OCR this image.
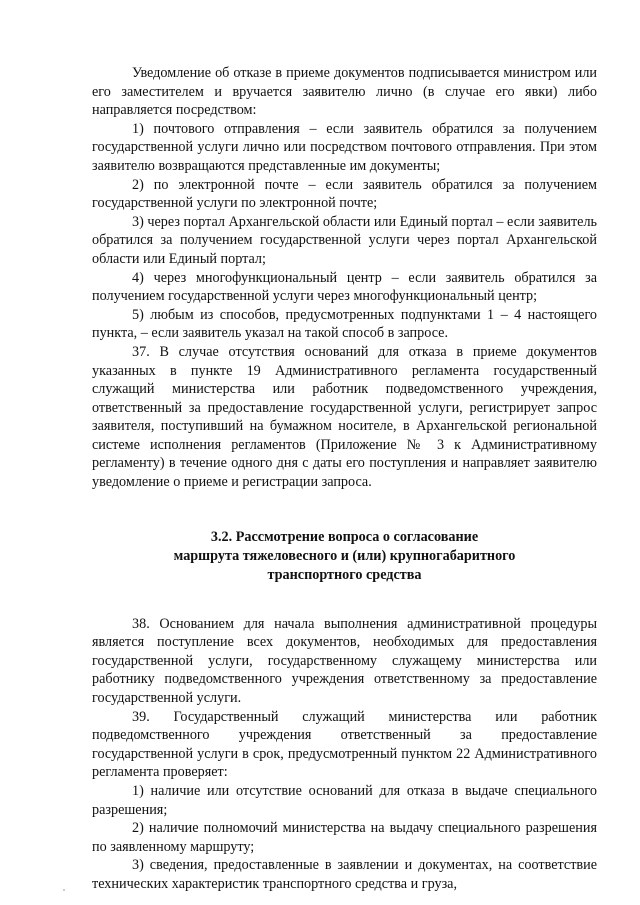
Уведомление об отказе в приеме документов подписывается министром или его заместителем и вручается заявителю лично (в случае его явки) либо направляется посредством:

1) почтового отправления – если заявитель обратился за получением государственной услуги лично или посредством почтового отправления. При этом заявителю возвращаются представленные им документы;

2) по электронной почте – если заявитель обратился за получением государственной услуги по электронной почте;

3) через портал Архангельской области или Единый портал – если заявитель обратился за получением государственной услуги через портал Архангельской области или Единый портал;

4) через многофункциональный центр – если заявитель обратился за получением государственной услуги через многофункциональный центр;

5) любым из способов, предусмотренных подпунктами 1 – 4 настоящего пункта, – если заявитель указал на такой способ в запросе.

37. В случае отсутствия оснований для отказа в приеме документов указанных в пункте 19 Административного регламента государственный служащий министерства или работник подведомственного учреждения, ответственный за предоставление государственной услуги, регистрирует запрос заявителя, поступивший на бумажном носителе, в Архангельской региональной системе исполнения регламентов (Приложение № 3 к Административному регламенту) в течение одного дня с даты его поступления и направляет заявителю уведомление о приеме и регистрации запроса.

3.2. Рассмотрение вопроса о согласование
маршрута тяжеловесного и (или) крупногабаритного
транспортного средства

38. Основанием для начала выполнения административной процедуры является поступление всех документов, необходимых для предоставления государственной услуги, государственному служащему министерства или работнику подведомственного учреждения ответственному за предоставление государственной услуги.

39. Государственный служащий министерства или работник подведомственного учреждения ответственный за предоставление государственной услуги в срок, предусмотренный пунктом 22 Административного регламента проверяет:

1) наличие или отсутствие оснований для отказа в выдаче специального разрешения;

2) наличие полномочий министерства на выдачу специального разрешения по заявленному маршруту;

3) сведения, предоставленные в заявлении и документах, на соответствие технических характеристик транспортного средства и груза,
